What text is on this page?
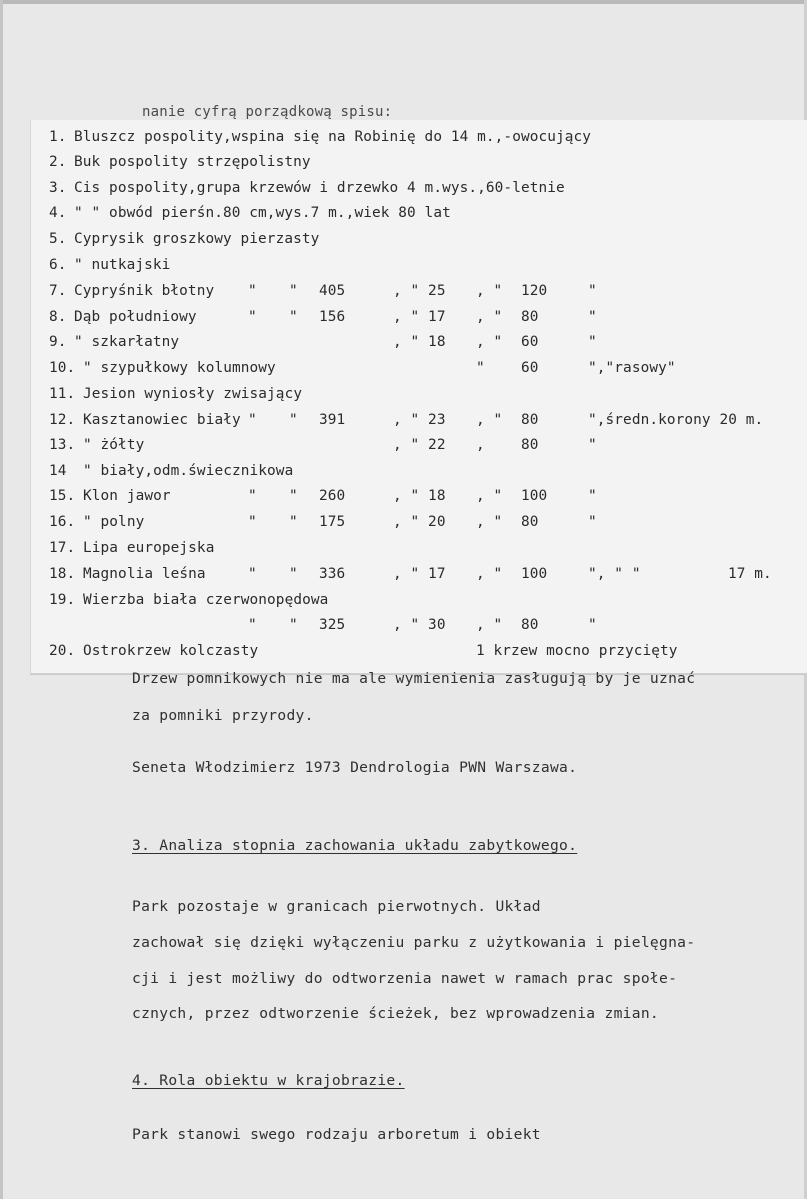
nanie cyfrą porządkową spisu:
1. Bluszcz pospolity,wspina się na Robinię do 14 m.,-owocujący
2. Buk pospolity strzępolistny
3. Cis pospolity,grupa krzewów i drzewko 4 m.wys.,60-letnie
4. " " obwód pierśn.80 cm,wys.7 m.,wiek 80 lat
5. Cyprysik groszkowy pierzasty
6. " nutkajski
7. Cypryśnik błotny " " 405	, " 25 , " 120	"
8. Dąb południowy	" " 156	, " 17 , " 80	"
9. " szkarłatny	, " 18 , " 60	"
10. " szypułkowy kolumnowy	"	60	","rasowy"
11. Jesion wyniosły zwisający
12. Kasztanowiec biały " " 391	, " 23 , " 80	",średn.korony 20 m.
13. " żółty	, " 22 ,	80	"
14 " biały,odm.świecznikowa
15. Klon jawor	" " 260	, " 18 , " 100	"
16. " polny	" " 175	, " 20 , " 80	"
17. Lipa europejska
18. Magnolia leśna	" " 336	, " 17 , " 100	", " "	17 m.
19. Wierzba biała czerwonopędowa
" " 325	, " 30 , " 80	"
20. Ostrokrzew kolczasty	1 krzew mocno przycięty
Drzew pomnikowych nie ma ale wymienienia zasługują by je uznać
za pomniki przyrody.
Seneta Włodzimierz 1973 Dendrologia PWN Warszawa.
3. Analiza stopnia zachowania układu zabytkowego.
Park pozostaje w granicach pierwotnych. Układ
zachował się dzięki wyłączeniu parku z użytkowania i pielęgna-
cji i jest możliwy do odtworzenia nawet w ramach prac społe-
cznych, przez odtworzenie ścieżek, bez wprowadzenia zmian.
4. Rola obiektu w krajobrazie.
Park stanowi swego rodzaju arboretum i obiekt
